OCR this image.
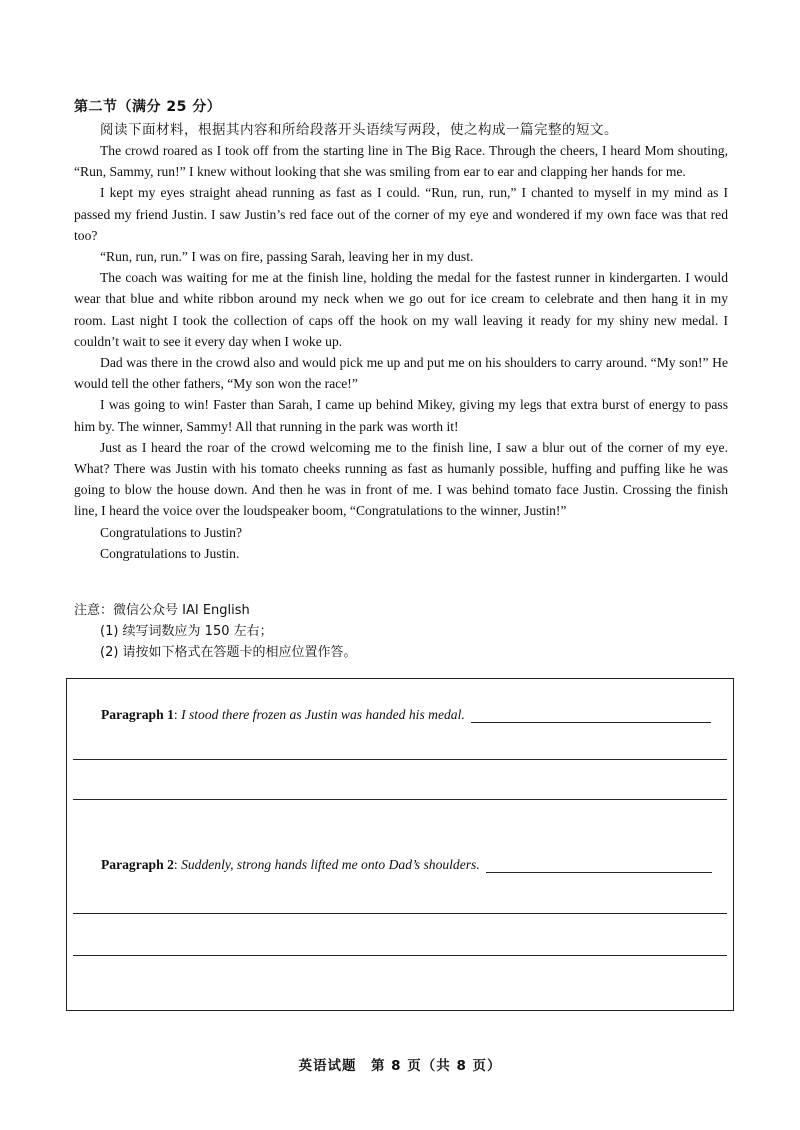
第二节（满分 25 分）
阅读下面材料，根据其内容和所给段落开头语续写两段，使之构成一篇完整的短文。

The crowd roared as I took off from the starting line in The Big Race. Through the cheers, I heard Mom shouting, “Run, Sammy, run!” I knew without looking that she was smiling from ear to ear and clapping her hands for me.

I kept my eyes straight ahead running as fast as I could. “Run, run, run,” I chanted to myself in my mind as I passed my friend Justin. I saw Justin’s red face out of the corner of my eye and wondered if my own face was that red too?

“Run, run, run.” I was on fire, passing Sarah, leaving her in my dust.

The coach was waiting for me at the finish line, holding the medal for the fastest runner in kindergarten. I would wear that blue and white ribbon around my neck when we go out for ice cream to celebrate and then hang it in my room. Last night I took the collection of caps off the hook on my wall leaving it ready for my shiny new medal. I couldn’t wait to see it every day when I woke up.

Dad was there in the crowd also and would pick me up and put me on his shoulders to carry around. “My son!” He would tell the other fathers, “My son won the race!”

I was going to win! Faster than Sarah, I came up behind Mikey, giving my legs that extra burst of energy to pass him by. The winner, Sammy! All that running in the park was worth it!

Just as I heard the roar of the crowd welcoming me to the finish line, I saw a blur out of the corner of my eye. What? There was Justin with his tomato cheeks running as fast as humanly possible, huffing and puffing like he was going to blow the house down. And then he was in front of me. I was behind tomato face Justin. Crossing the finish line, I heard the voice over the loudspeaker boom, “Congratulations to the winner, Justin!”

Congratulations to Justin?

Congratulations to Justin.

注意：微信公众号 IAI English
(1) 续写词数应为 150 左右；
(2) 请按如下格式在答题卡的相应位置作答。
Paragraph 1 : I stood there frozen as Justin was handed his medal.
Paragraph 2 : Suddenly, strong hands lifted me onto Dad’s shoulders.
英语试题　第 8 页（共 8 页）
